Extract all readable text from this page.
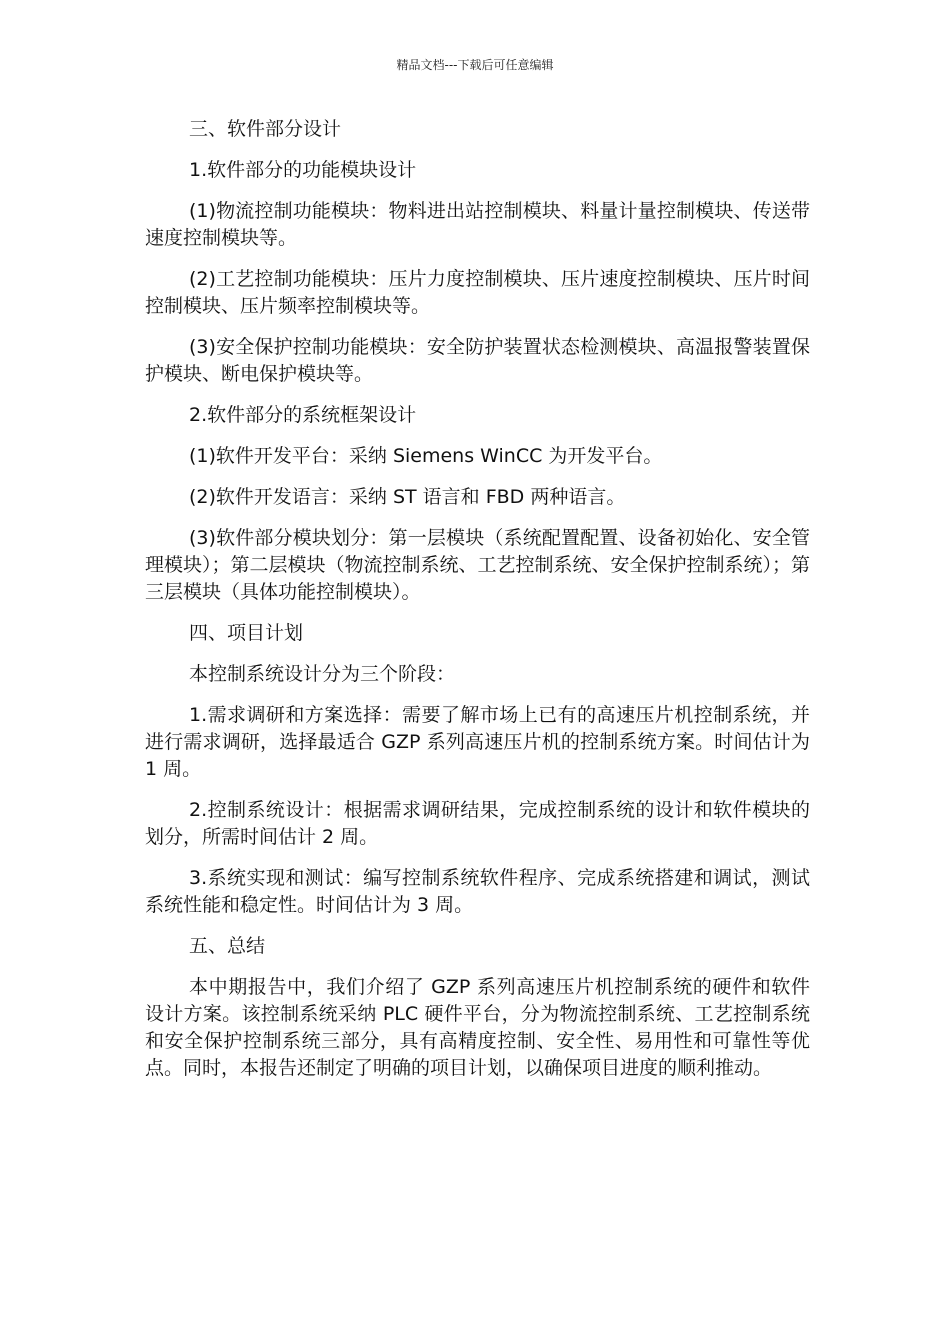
精品文档---下载后可任意编辑

三、软件部分设计

1.软件部分的功能模块设计

(1)物流控制功能模块：物料进出站控制模块、料量计量控制模块、传送带速度控制模块等。

(2)工艺控制功能模块：压片力度控制模块、压片速度控制模块、压片时间控制模块、压片频率控制模块等。

(3)安全保护控制功能模块：安全防护装置状态检测模块、高温报警装置保护模块、断电保护模块等。

2.软件部分的系统框架设计

(1)软件开发平台：采纳 Siemens WinCC 为开发平台。

(2)软件开发语言：采纳 ST 语言和 FBD 两种语言。

(3)软件部分模块划分：第一层模块（系统配置配置、设备初始化、安全管理模块）；第二层模块（物流控制系统、工艺控制系统、安全保护控制系统）；第三层模块（具体功能控制模块）。

四、项目计划

本控制系统设计分为三个阶段：

1.需求调研和方案选择：需要了解市场上已有的高速压片机控制系统，并进行需求调研，选择最适合 GZP 系列高速压片机的控制系统方案。时间估计为 1 周。

2.控制系统设计：根据需求调研结果，完成控制系统的设计和软件模块的划分，所需时间估计 2 周。

3.系统实现和测试：编写控制系统软件程序、完成系统搭建和调试，测试系统性能和稳定性。时间估计为 3 周。

五、总结

本中期报告中，我们介绍了 GZP 系列高速压片机控制系统的硬件和软件设计方案。该控制系统采纳 PLC 硬件平台，分为物流控制系统、工艺控制系统和安全保护控制系统三部分，具有高精度控制、安全性、易用性和可靠性等优点。同时，本报告还制定了明确的项目计划，以确保项目进度的顺利推动。
